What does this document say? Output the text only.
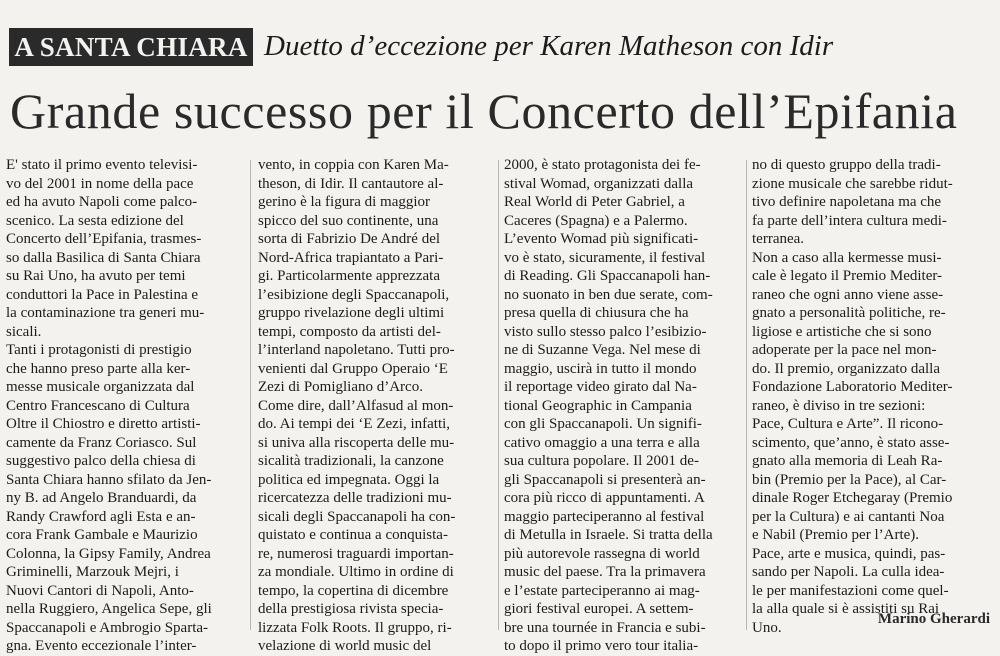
A SANTA CHIARA Duetto d’eccezione per Karen Matheson con Idir
Grande successo per il Concerto dell’Epifania

E' stato il primo evento televisi-
vo del 2001 in nome della pace
ed ha avuto Napoli come palco-
scenico. La sesta edizione del
Concerto dell’Epifania, trasmes-
so dalla Basilica di Santa Chiara
su Rai Uno, ha avuto per temi
conduttori la Pace in Palestina e
la contaminazione tra generi mu-
sicali.
Tanti i protagonisti di prestigio
che hanno preso parte alla ker-
messe musicale organizzata dal
Centro Francescano di Cultura
Oltre il Chiostro e diretto artisti-
camente da Franz Coriasco. Sul
suggestivo palco della chiesa di
Santa Chiara hanno sfilato da Jen-
ny B. ad Angelo Branduardi, da
Randy Crawford agli Esta e an-
cora Frank Gambale e Maurizio
Colonna, la Gipsy Family, Andrea
Griminelli, Marzouk Mejri, i
Nuovi Cantori di Napoli, Anto-
nella Ruggiero, Angelica Sepe, gli
Spaccanapoli e Ambrogio Sparta-
gna. Evento eccezionale l’inter-

vento, in coppia con Karen Ma-
theson, di Idir. Il cantautore al-
gerino è la figura di maggior
spicco del suo continente, una
sorta di Fabrizio De André del
Nord-Africa trapiantato a Pari-
gi. Particolarmente apprezzata
l’esibizione degli Spaccanapoli,
gruppo rivelazione degli ultimi
tempi, composto da artisti del-
l’interland napoletano. Tutti pro-
venienti dal Gruppo Operaio ‘E
Zezi di Pomigliano d’Arco.
Come dire, dall’Alfasud al mon-
do. Ai tempi dei ‘E Zezi, infatti,
si univa alla riscoperta delle mu-
sicalità tradizionali, la canzone
politica ed impegnata. Oggi la
ricercatezza delle tradizioni mu-
sicali degli Spaccanapoli ha con-
quistato e continua a conquista-
re, numerosi traguardi importan-
za mondiale. Ultimo in ordine di
tempo, la copertina di dicembre
della prestigiosa rivista specia-
lizzata Folk Roots. Il gruppo, ri-
velazione di world music del

2000, è stato protagonista dei fe-
stival Womad, organizzati dalla
Real World di Peter Gabriel, a
Caceres (Spagna) e a Palermo.
L’evento Womad più significati-
vo è stato, sicuramente, il festival
di Reading. Gli Spaccanapoli han-
no suonato in ben due serate, com-
presa quella di chiusura che ha
visto sullo stesso palco l’esibizio-
ne di Suzanne Vega. Nel mese di
maggio, uscirà in tutto il mondo
il reportage video girato dal Na-
tional Geographic in Campania
con gli Spaccanapoli. Un signifi-
cativo omaggio a una terra e alla
sua cultura popolare. Il 2001 de-
gli Spaccanapoli si presenterà an-
cora più ricco di appuntamenti. A
maggio parteciperanno al festival
di Metulla in Israele. Si tratta della
più autorevole rassegna di world
music del paese. Tra la primavera
e l’estate parteciperanno ai mag-
giori festival europei. A settem-
bre una tournée in Francia e subi-
to dopo il primo vero tour italia-

no di questo gruppo della tradi-
zione musicale che sarebbe ridut-
tivo definire napoletana ma che
fa parte dell’intera cultura medi-
terranea.
Non a caso alla kermesse musi-
cale è legato il Premio Mediter-
raneo che ogni anno viene asse-
gnato a personalità politiche, re-
ligiose e artistiche che si sono
adoperate per la pace nel mon-
do. Il premio, organizzato dalla
Fondazione Laboratorio Mediter-
raneo, è diviso in tre sezioni:
Pace, Cultura e Arte”. Il ricono-
scimento, que’anno, è stato asse-
gnato alla memoria di Leah Ra-
bin (Premio per la Pace), al Car-
dinale Roger Etchegaray (Premio
per la Cultura) e ai cantanti Noa
e Nabil (Premio per l’Arte).
Pace, arte e musica, quindi, pas-
sando per Napoli. La culla idea-
le per manifestazioni come quel-
la alla quale si è assistiti su Rai
Uno.

Marino Gherardi
